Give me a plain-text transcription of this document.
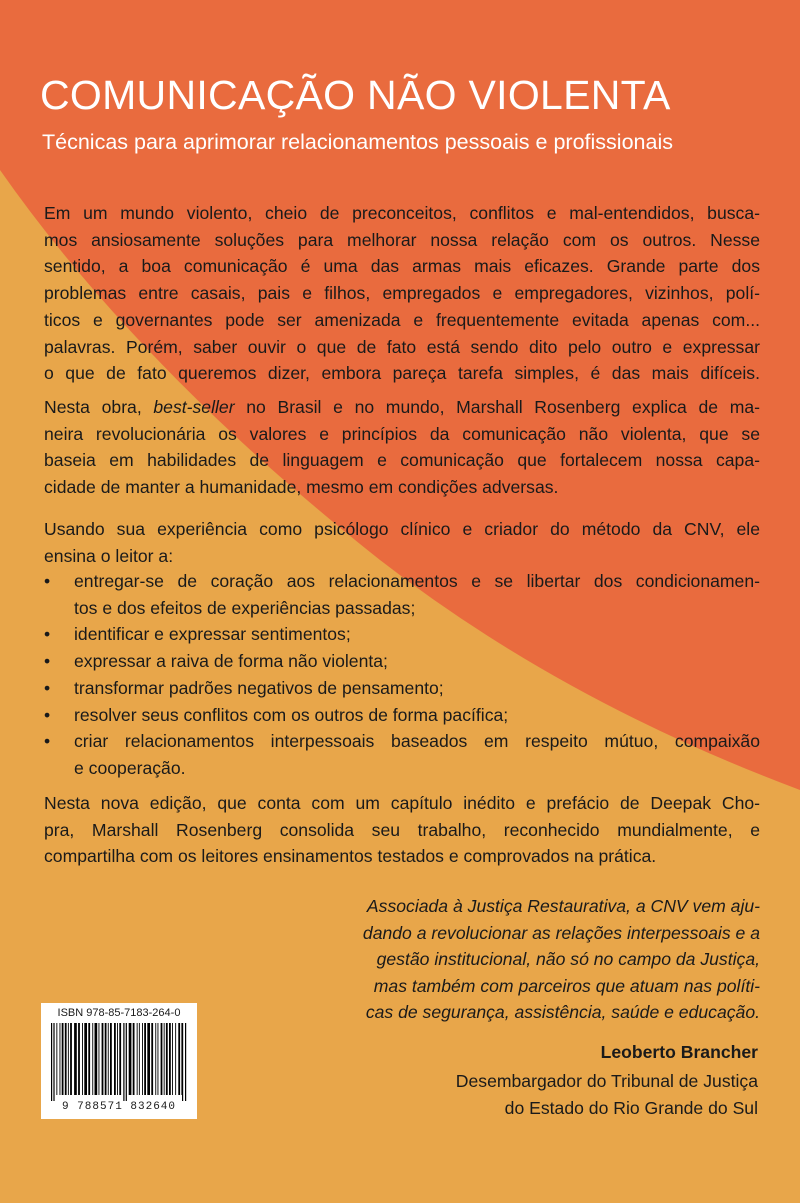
COMUNICAÇÃO NÃO VIOLENTA
Técnicas para aprimorar relacionamentos pessoais e profissionais
Em um mundo violento, cheio de preconceitos, conflitos e mal-entendidos, busca-
mos ansiosamente soluções para melhorar nossa relação com os outros. Nesse
sentido, a boa comunicação é uma das armas mais eficazes. Grande parte dos
problemas entre casais, pais e filhos, empregados e empregadores, vizinhos, polí-
ticos e governantes pode ser amenizada e frequentemente evitada apenas com...
palavras. Porém, saber ouvir o que de fato está sendo dito pelo outro e expressar
o que de fato queremos dizer, embora pareça tarefa simples, é das mais difíceis.
Nesta obra, best-seller no Brasil e no mundo, Marshall Rosenberg explica de ma-
neira revolucionária os valores e princípios da comunicação não violenta, que se
baseia em habilidades de linguagem e comunicação que fortalecem nossa capa-
cidade de manter a humanidade, mesmo em condições adversas.
Usando sua experiência como psicólogo clínico e criador do método da CNV, ele
ensina o leitor a:
• entregar-se de coração aos relacionamentos e se libertar dos condicionamen-
tos e dos efeitos de experiências passadas;
• identificar e expressar sentimentos;
• expressar a raiva de forma não violenta;
• transformar padrões negativos de pensamento;
• resolver seus conflitos com os outros de forma pacífica;
• criar relacionamentos interpessoais baseados em respeito mútuo, compaixão
e cooperação.
Nesta nova edição, que conta com um capítulo inédito e prefácio de Deepak Cho-
pra, Marshall Rosenberg consolida seu trabalho, reconhecido mundialmente, e
compartilha com os leitores ensinamentos testados e comprovados na prática.
Associada à Justiça Restaurativa, a CNV vem aju-
dando a revolucionar as relações interpessoais e a
gestão institucional, não só no campo da Justiça,
mas também com parceiros que atuam nas políti-
cas de segurança, assistência, saúde e educação.
Leoberto Brancher
Desembargador do Tribunal de Justiça
do Estado do Rio Grande do Sul
ISBN 978-85-7183-264-0
9 788571 832640
